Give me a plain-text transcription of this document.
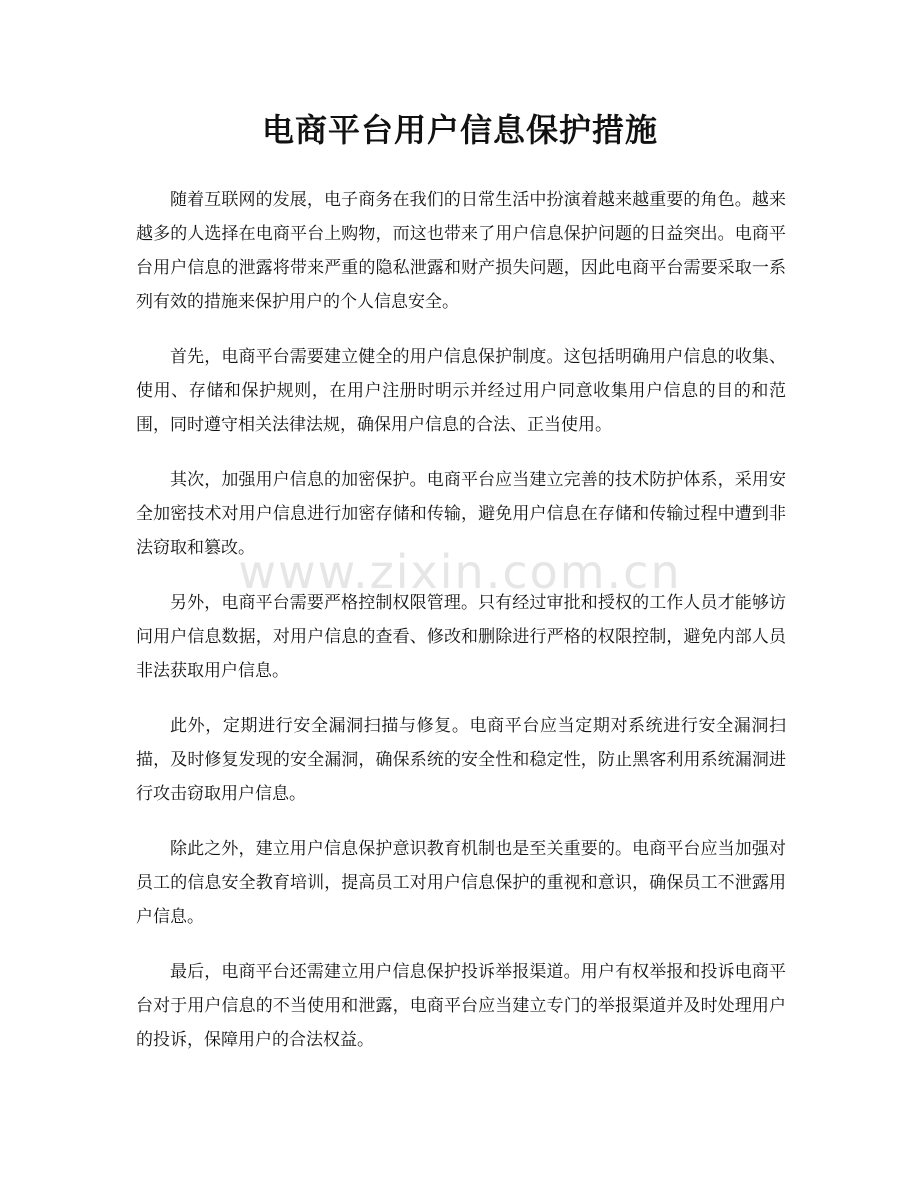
电商平台用户信息保护措施

随着互联网的发展，电子商务在我们的日常生活中扮演着越来越重要的角色。越来越多的人选择在电商平台上购物，而这也带来了用户信息保护问题的日益突出。电商平台用户信息的泄露将带来严重的隐私泄露和财产损失问题，因此电商平台需要采取一系列有效的措施来保护用户的个人信息安全。

首先，电商平台需要建立健全的用户信息保护制度。这包括明确用户信息的收集、使用、存储和保护规则，在用户注册时明示并经过用户同意收集用户信息的目的和范围，同时遵守相关法律法规，确保用户信息的合法、正当使用。

其次，加强用户信息的加密保护。电商平台应当建立完善的技术防护体系，采用安全加密技术对用户信息进行加密存储和传输，避免用户信息在存储和传输过程中遭到非法窃取和篡改。

另外，电商平台需要严格控制权限管理。只有经过审批和授权的工作人员才能够访问用户信息数据，对用户信息的查看、修改和删除进行严格的权限控制，避免内部人员非法获取用户信息。

此外，定期进行安全漏洞扫描与修复。电商平台应当定期对系统进行安全漏洞扫描，及时修复发现的安全漏洞，确保系统的安全性和稳定性，防止黑客利用系统漏洞进行攻击窃取用户信息。

除此之外，建立用户信息保护意识教育机制也是至关重要的。电商平台应当加强对员工的信息安全教育培训，提高员工对用户信息保护的重视和意识，确保员工不泄露用户信息。

最后，电商平台还需建立用户信息保护投诉举报渠道。用户有权举报和投诉电商平台对于用户信息的不当使用和泄露，电商平台应当建立专门的举报渠道并及时处理用户的投诉，保障用户的合法权益。

www.zixin.com.cn
